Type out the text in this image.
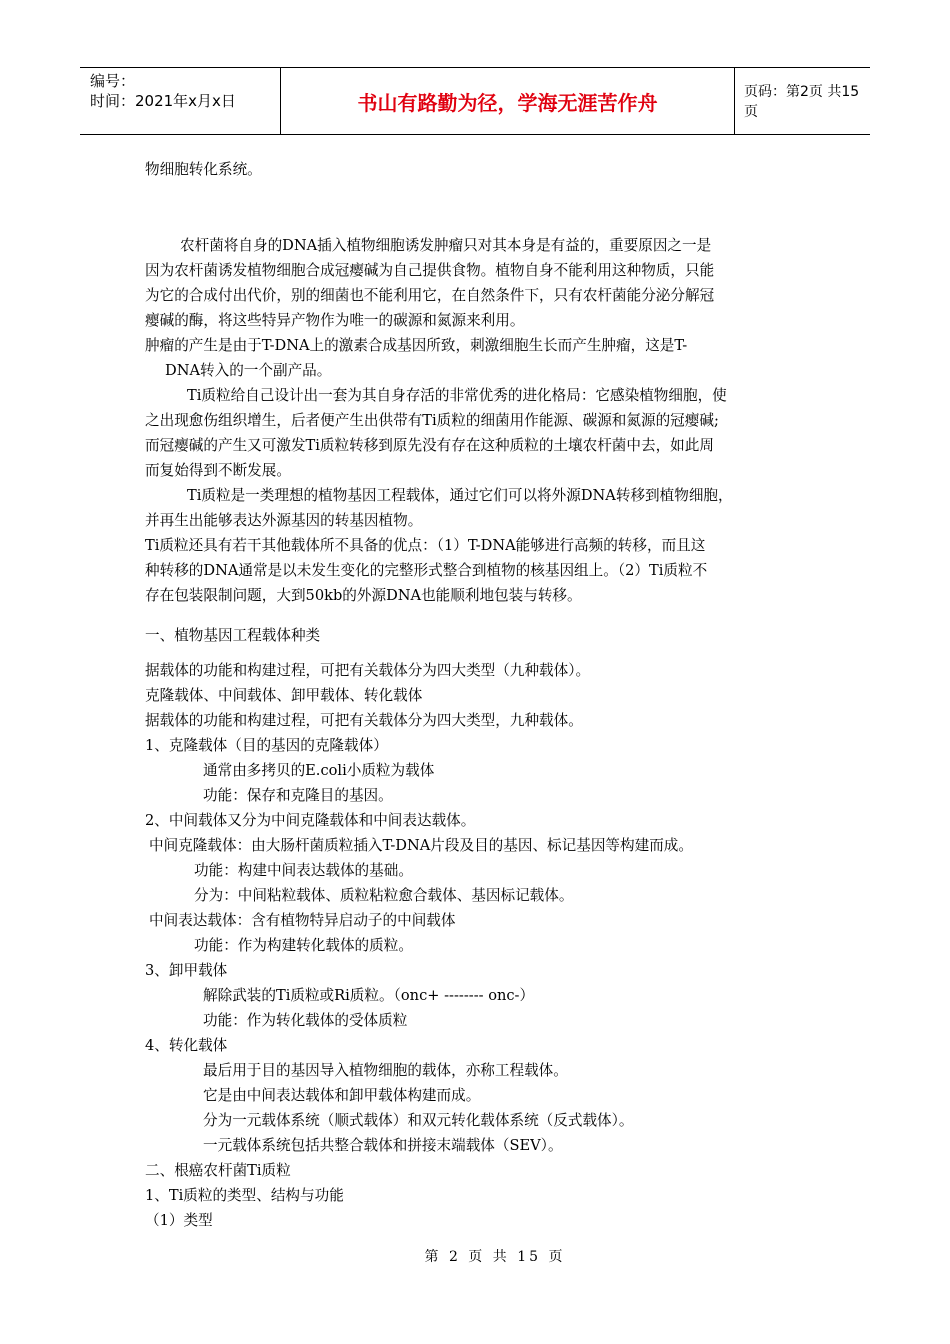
编号：
时间：2021年x月x日	书山有路勤为径，学海无涯苦作舟	页码：第2页 共15页
物细胞转化系统。
农杆菌将自身的DNA插入植物细胞诱发肿瘤只对其本身是有益的，重要原因之一是
因为农杆菌诱发植物细胞合成冠瘿碱为自己提供食物。植物自身不能利用这种物质，只能
为它的合成付出代价，别的细菌也不能利用它，在自然条件下，只有农杆菌能分泌分解冠
瘿碱的酶，将这些特异产物作为唯一的碳源和氮源来利用。
肿瘤的产生是由于T-DNA上的激素合成基因所致，刺激细胞生长而产生肿瘤，这是T-
DNA转入的一个副产品。
Ti质粒给自己设计出一套为其自身存活的非常优秀的进化格局：它感染植物细胞，使
之出现愈伤组织增生，后者便产生出供带有Ti质粒的细菌用作能源、碳源和氮源的冠瘿碱;
而冠瘿碱的产生又可激发Ti质粒转移到原先没有存在这种质粒的土壤农杆菌中去，如此周
而复始得到不断发展。
Ti质粒是一类理想的植物基因工程载体，通过它们可以将外源DNA转移到植物细胞，
并再生出能够表达外源基因的转基因植物。
Ti质粒还具有若干其他载体所不具备的优点：（1）T-DNA能够进行高频的转移，而且这
种转移的DNA通常是以未发生变化的完整形式整合到植物的核基因组上。（2）Ti质粒不
存在包装限制问题，大到50kb的外源DNA也能顺利地包装与转移。
一、植物基因工程载体种类
据载体的功能和构建过程，可把有关载体分为四大类型（九种载体）。
克隆载体、中间载体、卸甲载体、转化载体
据载体的功能和构建过程，可把有关载体分为四大类型，九种载体。
1、克隆载体（目的基因的克隆载体）
通常由多拷贝的E.coli小质粒为载体
功能：保存和克隆目的基因。
2、中间载体又分为中间克隆载体和中间表达载体。
中间克隆载体：由大肠杆菌质粒插入T-DNA片段及目的基因、标记基因等构建而成。
功能：构建中间表达载体的基础。
分为：中间粘粒载体、质粒粘粒愈合载体、基因标记载体。
中间表达载体：含有植物特异启动子的中间载体
功能：作为构建转化载体的质粒。
3、卸甲载体
解除武装的Ti质粒或Ri质粒。（onc+ -------- onc-）
功能：作为转化载体的受体质粒
4、转化载体
最后用于目的基因导入植物细胞的载体，亦称工程载体。
它是由中间表达载体和卸甲载体构建而成。
分为一元载体系统（顺式载体）和双元转化载体系统（反式载体）。
一元载体系统包括共整合载体和拼接末端载体（SEV）。
二、根癌农杆菌Ti质粒
1、Ti质粒的类型、结构与功能
（1）类型
第 2 页 共 15 页
